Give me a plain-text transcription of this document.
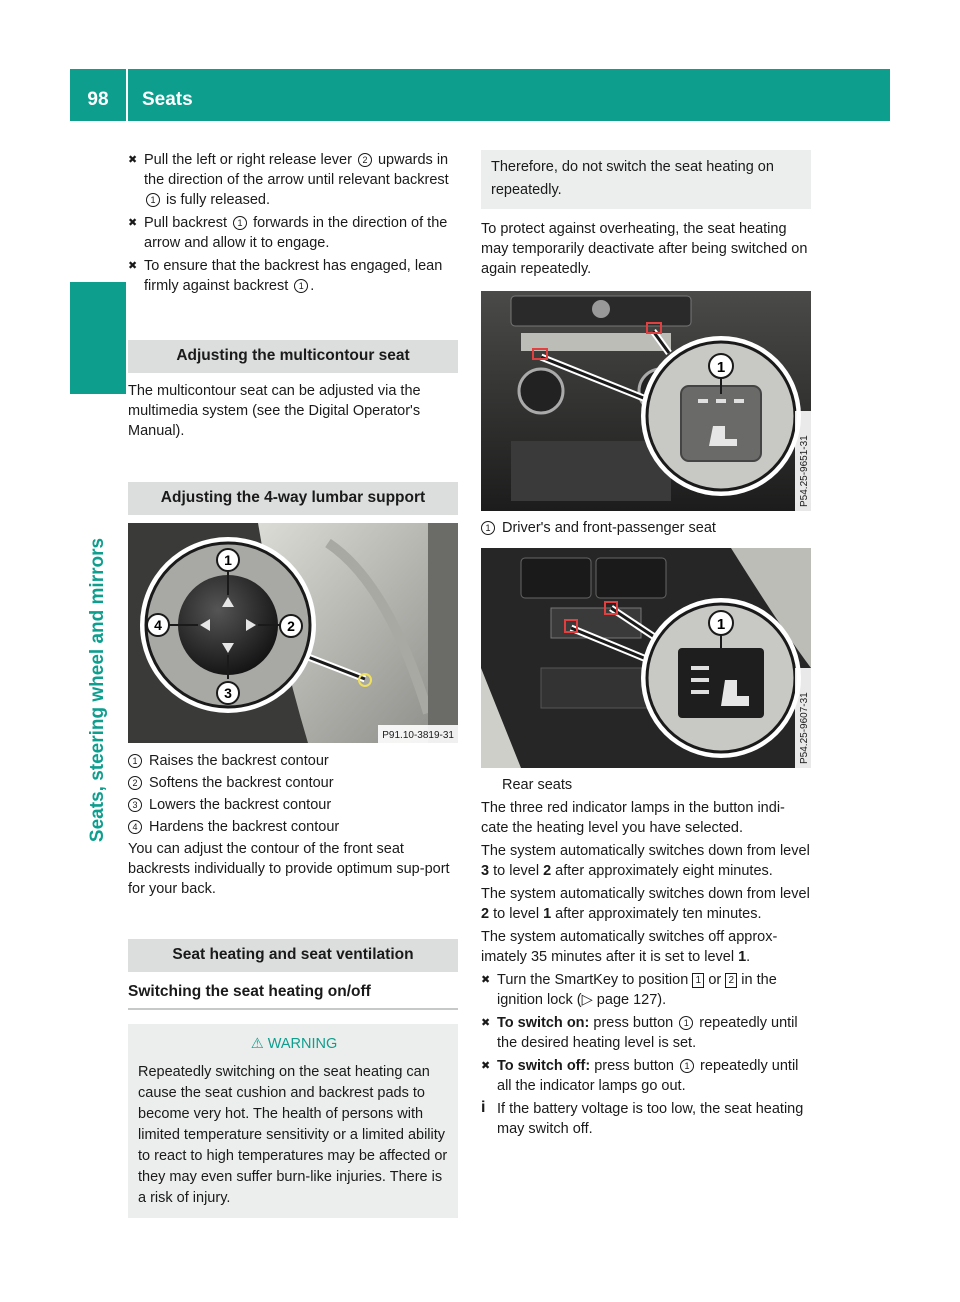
98	Seats
Seats, steering wheel and mirrors
✖ Pull the left or right release lever 2 upwards in the direction of the arrow until relevant backrest 1 is fully released.
✖ Pull backrest 1 forwards in the direction of the arrow and allow it to engage.
✖ To ensure that the backrest has engaged, lean firmly against backrest 1 .
Adjusting the multicontour seat

The multicontour seat can be adjusted via the multimedia system (see the Digital Operator's Manual).

Adjusting the 4-way lumbar support
1
2
3
4
P91.10-3819-31
1 Raises the backrest contour
2 Softens the backrest contour
3 Lowers the backrest contour
4 Hardens the backrest contour

You can adjust the contour of the front seat backrests individually to provide optimum sup-port for your back.

Seat heating and seat ventilation
Switching the seat heating on/off
⚠ WARNING
Repeatedly switching on the seat heating can cause the seat cushion and backrest pads to become very hot. The health of persons with limited temperature sensitivity or a limited ability to react to high temperatures may be affected or they may even suffer burn-like injuries. There is a risk of injury.
Therefore, do not switch the seat heating on repeatedly.

To protect against overheating, the seat heating may temporarily deactivate after being switched on again repeatedly.

1
P54.25-9651-31
1 Driver's and front-passenger seat
1
P54.25-9607-31

Rear seats

The three red indicator lamps in the button indi-cate the heating level you have selected.

The system automatically switches down from level 3 to level 2 after approximately eight minutes.

The system automatically switches down from level 2 to level 1 after approximately ten minutes.

The system automatically switches off approx-imately 35 minutes after it is set to level 1.

✖ Turn the SmartKey to position 1 or 2 in the ignition lock (▷ page 127).
✖ To switch on: press button 1 repeatedly until the desired heating level is set.
✖ To switch off: press button 1 repeatedly until all the indicator lamps go out.
i If the battery voltage is too low, the seat heating may switch off.
